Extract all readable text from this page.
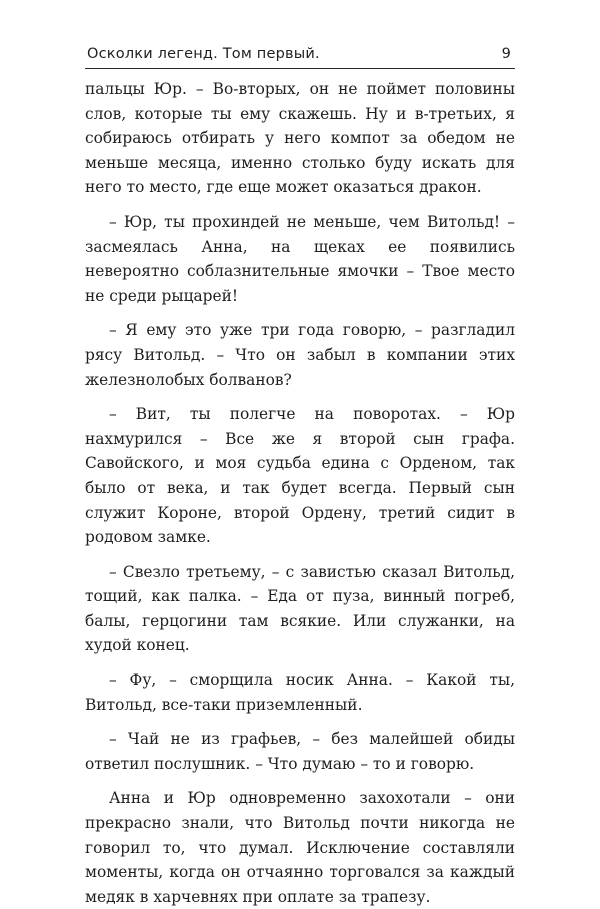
Осколки легенд. Том первый.	9

пальцы Юр. – Во-вторых, он не поймет половины слов, которые ты ему скажешь. Ну и в-третьих, я собираюсь отбирать у него компот за обедом не меньше месяца, именно столько буду искать для него то место, где еще может оказаться дракон.

– Юр, ты прохиндей не меньше, чем Витольд! – засмеялась Анна, на щеках ее появились невероятно соблазнительные ямочки – Твое место не среди рыцарей!

– Я ему это уже три года говорю, – разгладил рясу Витольд. – Что он забыл в компании этих железнолобых болванов?

– Вит, ты полегче на поворотах. – Юр нахмурился – Все же я второй сын графа. Савойского, и моя судьба едина с Орденом, так было от века, и так будет всегда. Первый сын служит Короне, второй Ордену, третий сидит в родовом замке.

– Свезло третьему, – с завистью сказал Витольд, тощий, как палка. – Еда от пуза, винный погреб, балы, герцогини там всякие. Или служанки, на худой конец.

– Фу, – сморщила носик Анна. – Какой ты, Витольд, все-таки приземленный.

– Чай не из графьев, – без малейшей обиды ответил послушник. – Что думаю – то и говорю.

Анна и Юр одновременно захохотали – они прекрасно знали, что Витольд почти никогда не говорил то, что думал. Исключение составляли моменты, когда он отчаянно торговался за каждый медяк в харчевнях при оплате за трапезу.
